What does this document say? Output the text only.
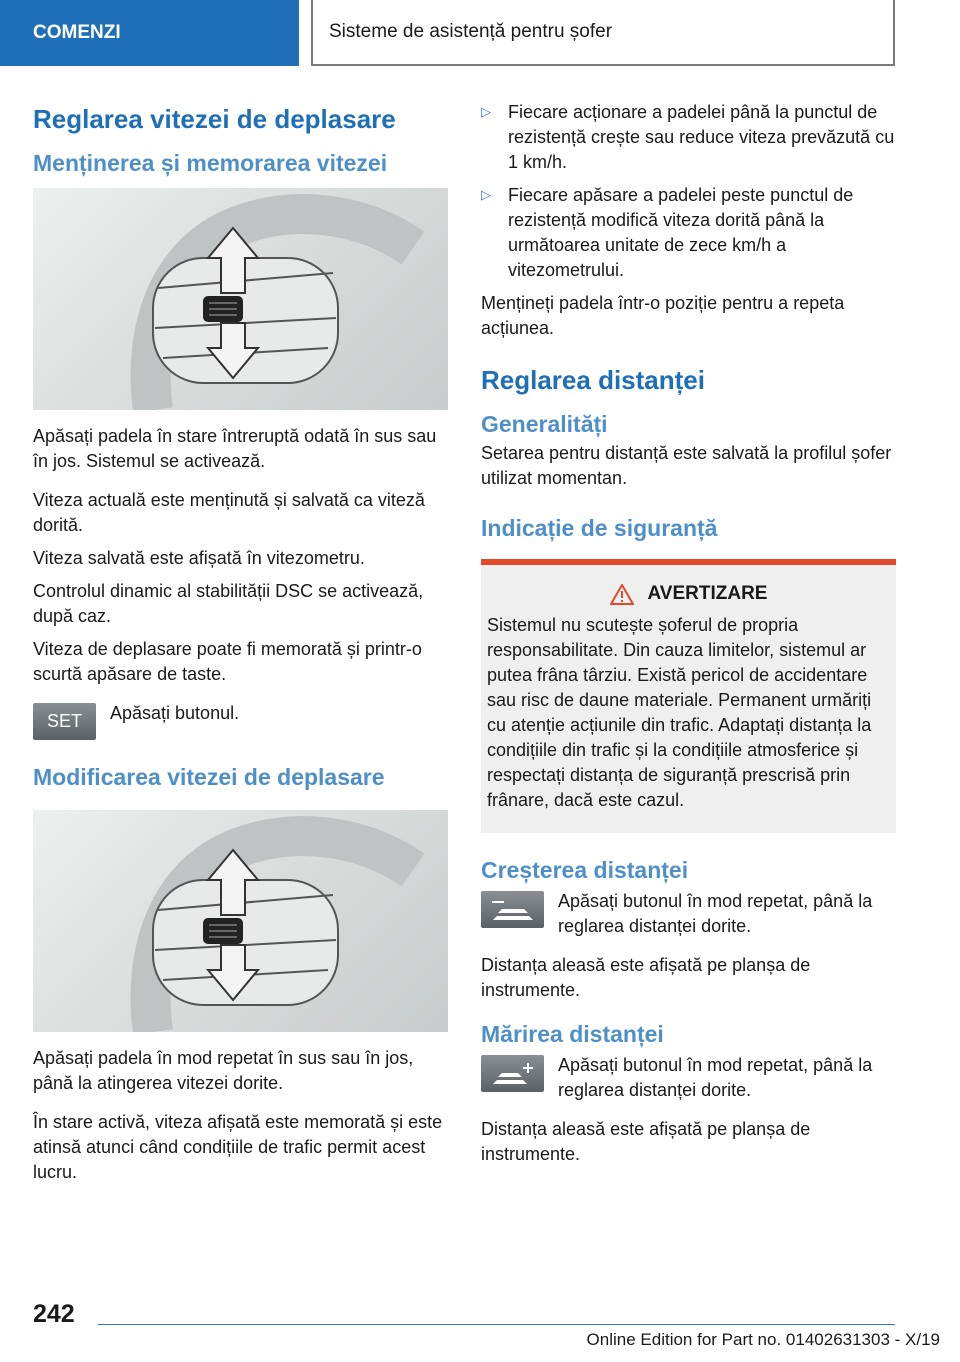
COMENZI	Sisteme de asistență pentru șofer
Reglarea vitezei de deplasare
Menținerea și memorarea vitezei

Apăsați padela în stare întreruptă odată în sus sau în jos. Sistemul se activează.

Viteza actuală este menținută și salvată ca viteză dorită.

Viteza salvată este afișată în vitezometru.

Controlul dinamic al stabilității DSC se activează, după caz.

Viteza de deplasare poate fi memorată și printr-o scurtă apăsare de taste.

SET	Apăsați butonul.

Modificarea vitezei de deplasare

Apăsați padela în mod repetat în sus sau în jos, până la atingerea vitezei dorite.

În stare activă, viteza afișată este memorată și este atinsă atunci când condițiile de trafic permit acest lucru.

▷ Fiecare acționare a padelei până la punctul de rezistență crește sau reduce viteza prevăzută cu 1 km/h.

▷ Fiecare apăsare a padelei peste punctul de rezistență modifică viteza dorită până la următoarea unitate de zece km/h a vitezometrului.

Mențineți padela într-o poziție pentru a repeta acțiunea.

Reglarea distanței
Generalități

Setarea pentru distanță este salvată la profilul șofer utilizat momentan.

Indicație de siguranță
AVERTIZARE

Sistemul nu scutește șoferul de propria responsabilitate. Din cauza limitelor, sistemul ar putea frâna târziu. Există pericol de accidentare sau risc de daune materiale. Permanent urmăriți cu atenție acțiunile din trafic. Adaptați distanța la condițiile din trafic și la condițiile atmosferice și respectați distanța de siguranță prescrisă prin frânare, dacă este cazul.

Creșterea distanței

Apăsați butonul în mod repetat, până la reglarea distanței dorite.

Distanța aleasă este afișată pe planșa de instrumente.

Mărirea distanței

Apăsați butonul în mod repetat, până la reglarea distanței dorite.

Distanța aleasă este afișată pe planșa de instrumente.

242
Online Edition for Part no. 01402631303 - X/19
